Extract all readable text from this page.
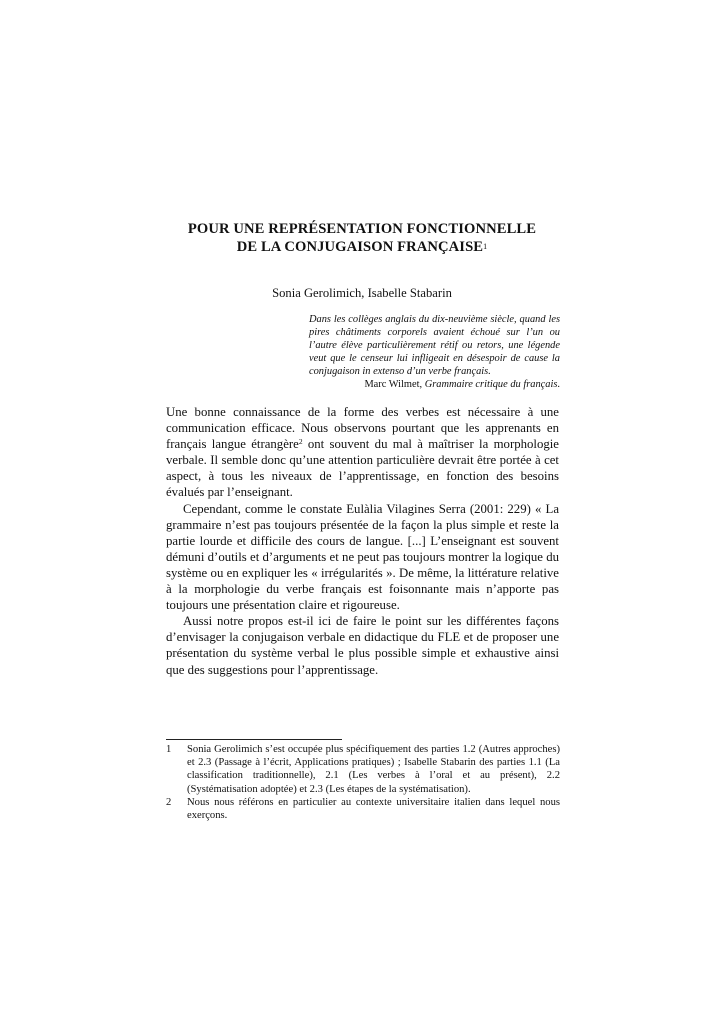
POUR UNE REPRÉSENTATION FONCTIONNELLE
DE LA CONJUGAISON FRANÇAISE$^1$
Sonia Gerolimich, Isabelle Stabarin
Dans les collèges anglais du dix-neuvième siècle, quand les pires châtiments corporels avaient échoué sur l’un ou l’autre élève particulièrement rétif ou retors, une légende veut que le censeur lui infligeait en désespoir de cause la conjugaison in extenso d’un verbe français.
Marc Wilmet, Grammaire critique du français.

Une bonne connaissance de la forme des verbes est nécessaire à une communication efficace. Nous observons pourtant que les apprenants en français langue étrangère$^2$ ont souvent du mal à maîtriser la morphologie verbale. Il semble donc qu’une attention particulière devrait être portée à cet aspect, à tous les niveaux de l’apprentissage, en fonction des besoins évalués par l’enseignant.

Cependant, comme le constate Eulàlia Vilagines Serra (2001: 229) « La grammaire n’est pas toujours présentée de la façon la plus simple et reste la partie lourde et difficile des cours de langue. [...] L’enseignant est souvent démuni d’outils et d’arguments et ne peut pas toujours montrer la logique du système ou en expliquer les « irrégularités ». De même, la littérature relative à la morphologie du verbe français est foisonnante mais n’apporte pas toujours une présentation claire et rigoureuse.

Aussi notre propos est-il ici de faire le point sur les différentes façons d’envisager la conjugaison verbale en didactique du FLE et de proposer une présentation du système verbal le plus possible simple et exhaustive ainsi que des suggestions pour l’apprentissage.

1 Sonia Gerolimich s’est occupée plus spécifiquement des parties 1.2 (Autres approches) et 2.3 (Passage à l’écrit, Applications pratiques) ; Isabelle Stabarin des parties 1.1 (La classification traditionnelle), 2.1 (Les verbes à l’oral et au présent), 2.2 (Systématisation adoptée) et 2.3 (Les étapes de la systématisation).
2 Nous nous référons en particulier au contexte universitaire italien dans lequel nous exerçons.
